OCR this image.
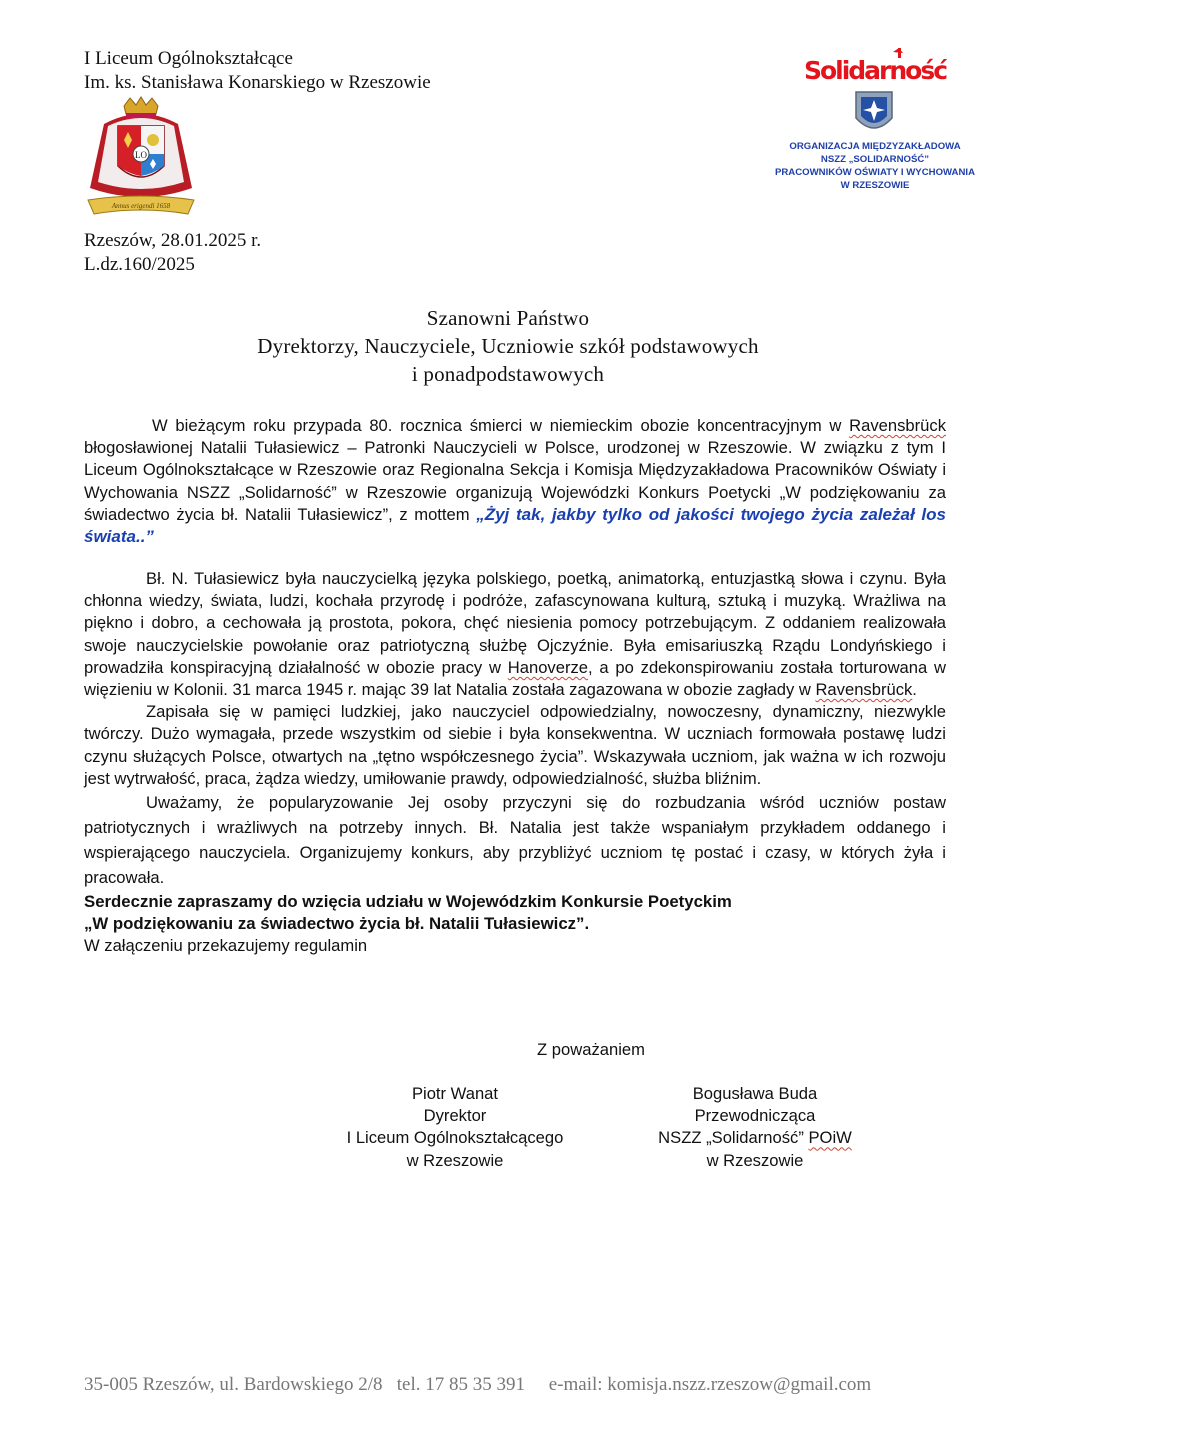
I Liceum Ogólnokształcące
Im. ks. Stanisława Konarskiego w Rzeszowie
LO
Annus erigendi 1658
Rzeszów, 28.01.2025 r.
L.dz.160/2025
Solidarność
ORGANIZACJA MIĘDZYZAKŁADOWA
NSZZ „SOLIDARNOŚĆ”
PRACOWNIKÓW OŚWIATY I WYCHOWANIA
W RZESZOWIE
Szanowni Państwo
Dyrektorzy, Nauczyciele, Uczniowie szkół podstawowych
i ponadpodstawowych

W bieżącym roku przypada 80. rocznica śmierci w niemieckim obozie koncentracyjnym w Ravensbrück błogosławionej Natalii Tułasiewicz – Patronki Nauczycieli w Polsce, urodzonej w Rzeszowie. W związku z tym I Liceum Ogólnokształcące w Rzeszowie oraz Regionalna Sekcja i Komisja Międzyzakładowa Pracowników Oświaty i Wychowania NSZZ „Solidarność” w Rzeszowie organizują Wojewódzki Konkurs Poetycki „W podziękowaniu za świadectwo życia bł. Natalii Tułasiewicz”, z mottem „Żyj tak, jakby tylko od jakości twojego życia zależał los świata..”

Bł. N. Tułasiewicz była nauczycielką języka polskiego, poetką, animatorką, entuzjastką słowa i czynu. Była chłonna wiedzy, świata, ludzi, kochała przyrodę i podróże, zafascynowana kulturą, sztuką i muzyką. Wrażliwa na piękno i dobro, a cechowała ją prostota, pokora, chęć niesienia pomocy potrzebującym. Z oddaniem realizowała swoje nauczycielskie powołanie oraz patriotyczną służbę Ojczyźnie. Była emisariuszką Rządu Londyńskiego i prowadziła konspiracyjną działalność w obozie pracy w Hanoverze, a po zdekonspirowaniu została torturowana w więzieniu w Kolonii. 31 marca 1945 r. mając 39 lat Natalia została zagazowana w obozie zagłady w Ravensbrück.

Zapisała się w pamięci ludzkiej, jako nauczyciel odpowiedzialny, nowoczesny, dynamiczny, niezwykle twórczy. Dużo wymagała, przede wszystkim od siebie i była konsekwentna. W uczniach formowała postawę ludzi czynu służących Polsce, otwartych na „tętno współczesnego życia”. Wskazywała uczniom, jak ważna w ich rozwoju jest wytrwałość, praca, żądza wiedzy, umiłowanie prawdy, odpowiedzialność, służba bliźnim.

Uważamy, że popularyzowanie Jej osoby przyczyni się do rozbudzania wśród uczniów postaw patriotycznych i wrażliwych na potrzeby innych. Bł. Natalia jest także wspaniałym przykładem oddanego i wspierającego nauczyciela. Organizujemy konkurs, aby przybliżyć uczniom tę postać i czasy, w których żyła i pracowała.

Serdecznie zapraszamy do wzięcia udziału w Wojewódzkim Konkursie Poetyckim
„W podziękowaniu za świadectwo życia bł. Natalii Tułasiewicz”.

W załączeniu przekazujemy regulamin

Z poważaniem
Piotr Wanat
Dyrektor
I Liceum Ogólnokształcącego
w Rzeszowie
Bogusława Buda
Przewodnicząca
NSZZ „Solidarność” POiW
w Rzeszowie
35-005 Rzeszów, ul. Bardowskiego 2/8 tel. 17 85 35 391 e-mail: komisja.nszz.rzeszow@gmail.com
